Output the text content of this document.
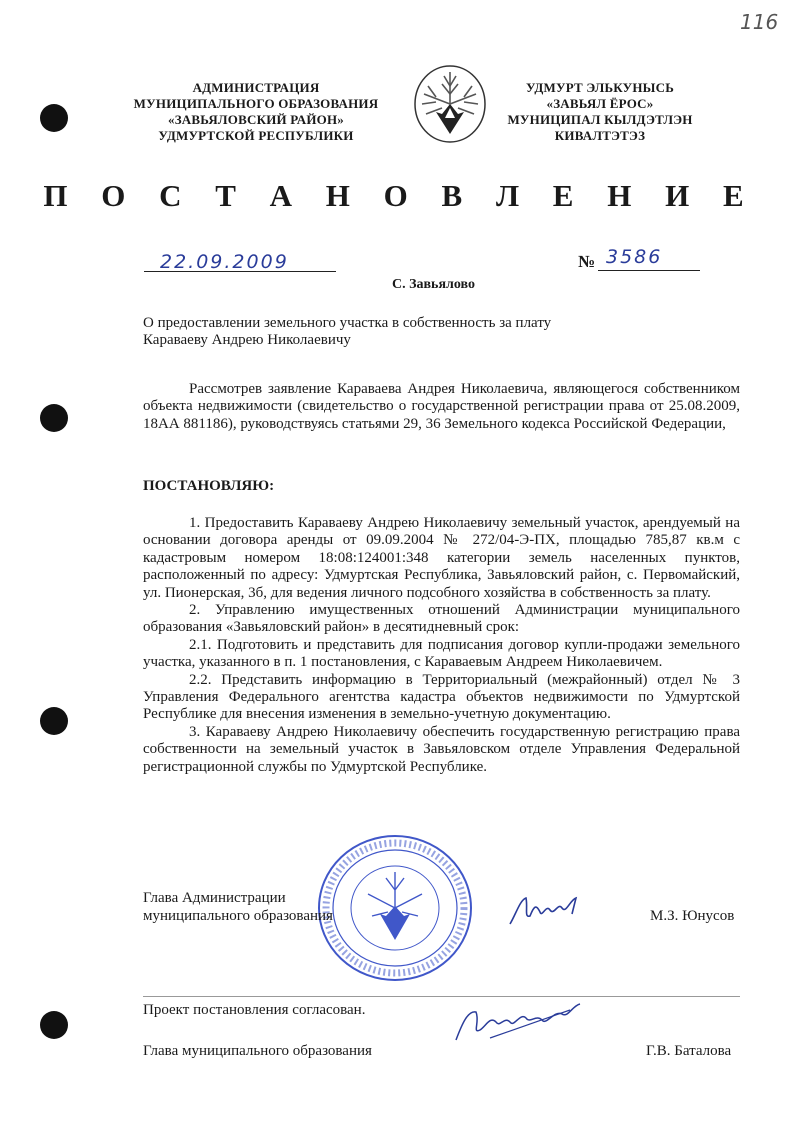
116
АДМИНИСТРАЦИЯ
МУНИЦИПАЛЬНОГО ОБРАЗОВАНИЯ
«ЗАВЬЯЛОВСКИЙ РАЙОН»
УДМУРТСКОЙ РЕСПУБЛИКИ
УДМУРТ ЭЛЬКУНЫСЬ
«ЗАВЬЯЛ ЁРОС»
МУНИЦИПАЛ КЫЛДЭТЛЭН
КИВАЛТЭТЭЗ
П О С Т А Н О В Л Е Н И Е
22.09.2009	№ 3586
С. Завьялово

О предоставлении земельного участка в собственность за плату

Караваеву Андрею Николаевичу

Рассмотрев заявление Караваева Андрея Николаевича, являющегося собственником объекта недвижимости (свидетельство о государственной регистрации права от 25.08.2009, 18АА 881186), руководствуясь статьями 29, 36 Земельного кодекса Российской Федерации,

ПОСТАНОВЛЯЮ:

1. Предоставить Караваеву Андрею Николаевичу земельный участок, арендуемый на основании договора аренды от 09.09.2004 № 272/04-Э-ПХ, площадью 785,87 кв.м с кадастровым номером 18:08:124001:348 категории земель населенных пунктов, расположенный по адресу: Удмуртская Республика, Завьяловский район, с. Первомайский, ул. Пионерская, 3б, для ведения личного подсобного хозяйства в собственность за плату.

2. Управлению имущественных отношений Администрации муниципального образования «Завьяловский район» в десятидневный срок:

2.1. Подготовить и представить для подписания договор купли-продажи земельного участка, указанного в п. 1 постановления, с Караваевым Андреем Николаевичем.

2.2. Представить информацию в Территориальный (межрайонный) отдел № 3 Управления Федерального агентства кадастра объектов недвижимости по Удмуртской Республике для внесения изменения в земельно-учетную документацию.

3. Караваеву Андрею Николаевичу обеспечить государственную регистрацию права собственности на земельный участок в Завьяловском отделе Управления Федеральной регистрационной службы по Удмуртской Республике.

Глава Администрации
муниципального образования	М.З. Юнусов
Проект постановления согласован.
Глава муниципального образования	Г.В. Баталова
